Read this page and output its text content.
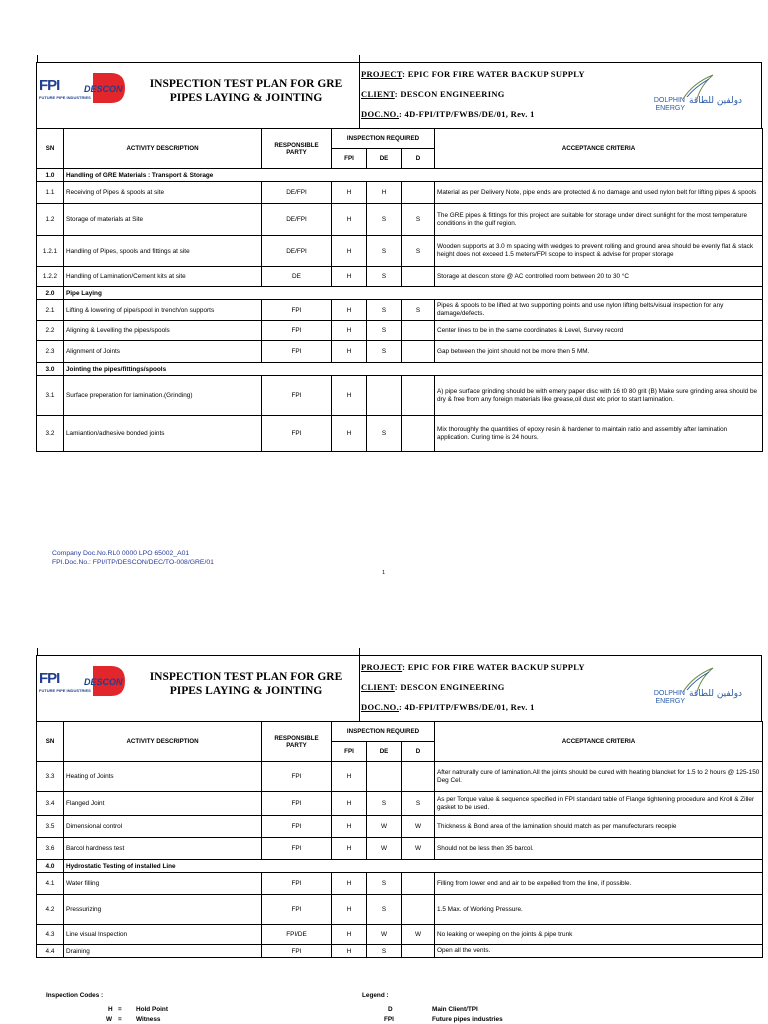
FPI
FUTURE PIPE INDUSTRIES
DESCON	INSPECTION TEST PLAN FOR GRE
PIPES LAYING & JOINTING
PROJECT: EPIC FOR FIRE WATER BACKUP SUPPLY
CLIENT: DESCON ENGINEERING
DOC.NO.: 4D-FPI/ITP/FWBS/DE/01, Rev. 1
DOLPHIN
ENERGY
دولفين للطاقة
SN	ACTIVITY DESCRIPTION	RESPONSIBLE PARTY	INSPECTION REQUIRED			ACCEPTANCE CRITERIA
			FPI	DE	D	
1.0	Handling of GRE Materials : Transport & Storage					
1.1	Receiving of Pipes & spools at site	DE/FPI	H	H		Material as per Delivery Note, pipe ends are protected & no damage and used nylon belt for lifting pipes & spools
1.2	Storage of materials at Site	DE/FPI	H	S	S	The GRE pipes & fittings for this project are suitable for storage under direct sunlight for the most temperature conditions in the gulf region.
1.2.1	Handling of Pipes, spools and fittings at site	DE/FPI	H	S	S	Wooden supports at 3.0 m spacing with wedges to prevent rolling and ground area should be evenly flat & stack height does not exceed 1.5 meters/FPI scope to inspect & advise for proper storage
1.2.2	Handling of Lamination/Cement kits at site	DE	H	S		Storage at descon store @ AC controlled room between 20 to 30 °C
2.0	Pipe Laying					
2.1	Lifting & lowering of pipe/spool in trench/on supports	FPI	H	S	S	Pipes & spools to be lifted at two supporting points and use nylon lifting belts/visual inspection for any damage/defects.
2.2	Aligning & Levelling the pipes/spools	FPI	H	S		Center lines to be in the same coordinates & Level, Survey record
2.3	Alignment of Joints	FPI	H	S		Gap between the joint should not be more then 5 MM.
3.0	Jointing the pipes/fittings/spools					
3.1	Surface preperation for lamination.(Grinding)	FPI	H			A) pipe surface grinding should be with emery paper disc with 16 t0 80 grit (B) Make sure grinding area should be dry & free from any foreign materials like grease,oil dust etc prior to start lamination.
3.2	Lamiantion/adhesive bonded joints	FPI	H	S		Mix thoroughly the quantities of epoxy resin & hardener to maintain ratio and assembly after lamination application. Curing time is 24 hours.
Company Doc.No.RL0 0000 LPO 65002_A01
FPI.Doc.No.: FPI/ITP/DESCON/DEC/TO-008/GRE/01
1
FPI
FUTURE PIPE INDUSTRIES
DESCON	INSPECTION TEST PLAN FOR GRE
PIPES LAYING & JOINTING
PROJECT: EPIC FOR FIRE WATER BACKUP SUPPLY
CLIENT: DESCON ENGINEERING
DOC.NO.: 4D-FPI/ITP/FWBS/DE/01, Rev. 1
DOLPHIN
ENERGY
دولفين للطاقة
SN	ACTIVITY DESCRIPTION	RESPONSIBLE PARTY	INSPECTION REQUIRED			ACCEPTANCE CRITERIA
			FPI	DE	D	
3.3	Heating of Joints	FPI	H			After natrurally cure of lamination.All the joints should be cured with heating blancket for 1.5 to 2 hours @ 125-150 Deg Cel.
3.4	Flanged Joint	FPI	H	S	S	As per Torque value & sequence specified in FPI standard table of Flange tightening procedure and Kroll & Ziller gasket to be used.
3.5	Dimensional control	FPI	H	W	W	Thickness & Bond area of the lamination should match as per manufecturars recepie
3.6	Barcol hardness test	FPI	H	W	W	Should not be less then 35 barcol.
4.0	Hydrostatic Testing of installed Line					
4.1	Water filling	FPI	H	S		Filling from lower end and air to be expelled from the line, if possible.
4.2	Pressurizing	FPI	H	S		1.5 Max. of Working Pressure.
4.3	Line visual Inspection	FPI/DE	H	W	W	No leaking or weeping on the joints & pipe trunk
4.4	Draining	FPI	H	S		Open all the vents.
Inspection Codes :	Legend :
H = Hold Point
W = Witness
D	Main Client/TPI
FPI	Future pipes industries
